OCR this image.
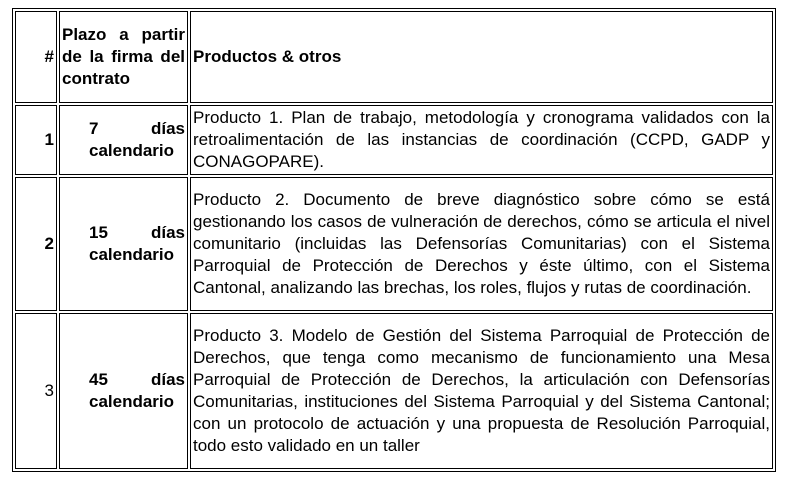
#	Plazo a partir de la firma del contrato	Productos & otros
1	7 días calendario	Producto 1. Plan de trabajo, metodología y cronograma validados con la retroalimentación de las instancias de coordinación (CCPD, GADP y CONAGOPARE).
2	15 días calendario	Producto 2. Documento de breve diagnóstico sobre cómo se está gestionando los casos de vulneración de derechos, cómo se articula el nivel comunitario (incluidas las Defensorías Comunitarias) con el Sistema Parroquial de Protección de Derechos y éste último, con el Sistema Cantonal, analizando las brechas, los roles, flujos y rutas de coordinación.
3	45 días calendario	Producto 3. Modelo de Gestión del Sistema Parroquial de Protección de Derechos, que tenga como mecanismo de funcionamiento una Mesa Parroquial de Protección de Derechos, la articulación con Defensorías Comunitarias, instituciones del Sistema Parroquial y del Sistema Cantonal; con un protocolo de actuación y una propuesta de Resolución Parroquial, todo esto validado en un taller
